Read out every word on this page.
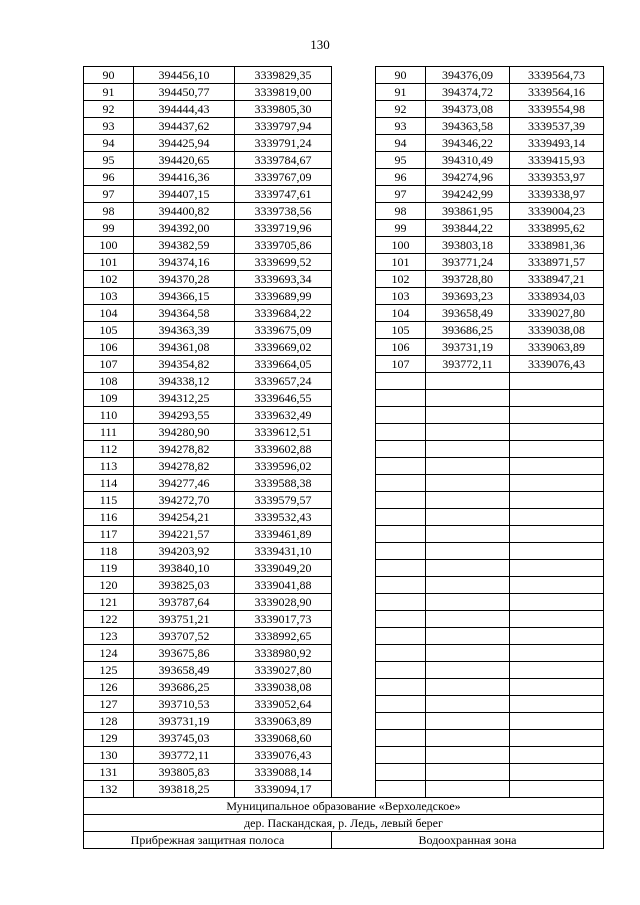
130
90	394456,10	3339829,35		90	394376,09	3339564,73
91	394450,77	3339819,00		91	394374,72	3339564,16
92	394444,43	3339805,30		92	394373,08	3339554,98
93	394437,62	3339797,94		93	394363,58	3339537,39
94	394425,94	3339791,24		94	394346,22	3339493,14
95	394420,65	3339784,67		95	394310,49	3339415,93
96	394416,36	3339767,09		96	394274,96	3339353,97
97	394407,15	3339747,61		97	394242,99	3339338,97
98	394400,82	3339738,56		98	393861,95	3339004,23
99	394392,00	3339719,96		99	393844,22	3338995,62
100	394382,59	3339705,86		100	393803,18	3338981,36
101	394374,16	3339699,52		101	393771,24	3338971,57
102	394370,28	3339693,34		102	393728,80	3338947,21
103	394366,15	3339689,99		103	393693,23	3338934,03
104	394364,58	3339684,22		104	393658,49	3339027,80
105	394363,39	3339675,09		105	393686,25	3339038,08
106	394361,08	3339669,02		106	393731,19	3339063,89
107	394354,82	3339664,05		107	393772,11	3339076,43
108	394338,12	3339657,24				
109	394312,25	3339646,55				
110	394293,55	3339632,49				
111	394280,90	3339612,51				
112	394278,82	3339602,88				
113	394278,82	3339596,02				
114	394277,46	3339588,38				
115	394272,70	3339579,57				
116	394254,21	3339532,43				
117	394221,57	3339461,89				
118	394203,92	3339431,10				
119	393840,10	3339049,20				
120	393825,03	3339041,88				
121	393787,64	3339028,90				
122	393751,21	3339017,73				
123	393707,52	3338992,65				
124	393675,86	3338980,92				
125	393658,49	3339027,80				
126	393686,25	3339038,08				
127	393710,53	3339052,64				
128	393731,19	3339063,89				
129	393745,03	3339068,60				
130	393772,11	3339076,43				
131	393805,83	3339088,14				
132	393818,25	3339094,17				
Муниципальное образование «Верхоледское»						
дер. Паскандская, р. Ледь, левый берег						
Прибрежная защитная полоса			Водоохранная зона			
